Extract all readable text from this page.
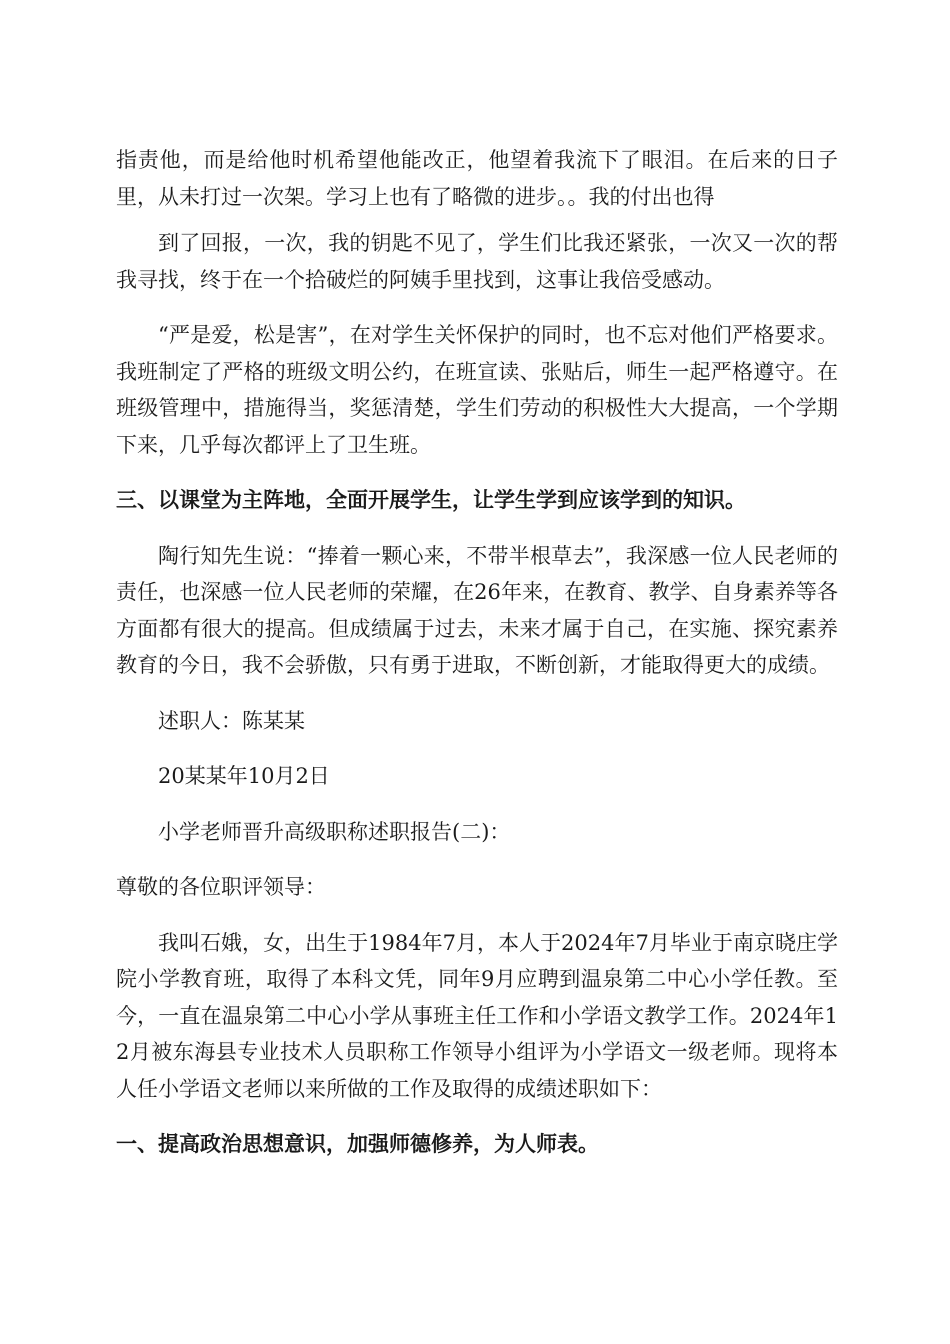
指责他，而是给他时机希望他能改正，他望着我流下了眼泪。在后来的日子里，从未打过一次架。学习上也有了略微的进步。。我的付出也得

到了回报，一次，我的钥匙不见了，学生们比我还紧张，一次又一次的帮我寻找，终于在一个拾破烂的阿姨手里找到，这事让我倍受感动。

“严是爱，松是害”，在对学生关怀保护的同时，也不忘对他们严格要求。我班制定了严格的班级文明公约，在班宣读、张贴后，师生一起严格遵守。在班级管理中，措施得当，奖惩清楚，学生们劳动的积极性大大提高，一个学期下来，几乎每次都评上了卫生班。

三、以课堂为主阵地，全面开展学生，让学生学到应该学到的知识。

陶行知先生说：“捧着一颗心来，不带半根草去”，我深感一位人民老师的责任，也深感一位人民老师的荣耀，在26年来，在教育、教学、自身素养等各方面都有很大的提高。但成绩属于过去，未来才属于自己，在实施、探究素养教育的今日，我不会骄傲，只有勇于进取，不断创新，才能取得更大的成绩。

述职人：陈某某

20某某年10月2日

小学老师晋升高级职称述职报告(二)：

尊敬的各位职评领导：

我叫石娥，女，出生于1984年7月，本人于2024年7月毕业于南京晓庄学院小学教育班，取得了本科文凭，同年9月应聘到温泉第二中心小学任教。至今，一直在温泉第二中心小学从事班主任工作和小学语文教学工作。2024年12月被东海县专业技术人员职称工作领导小组评为小学语文一级老师。现将本人任小学语文老师以来所做的工作及取得的成绩述职如下：

一、提高政治思想意识，加强师德修养，为人师表。
